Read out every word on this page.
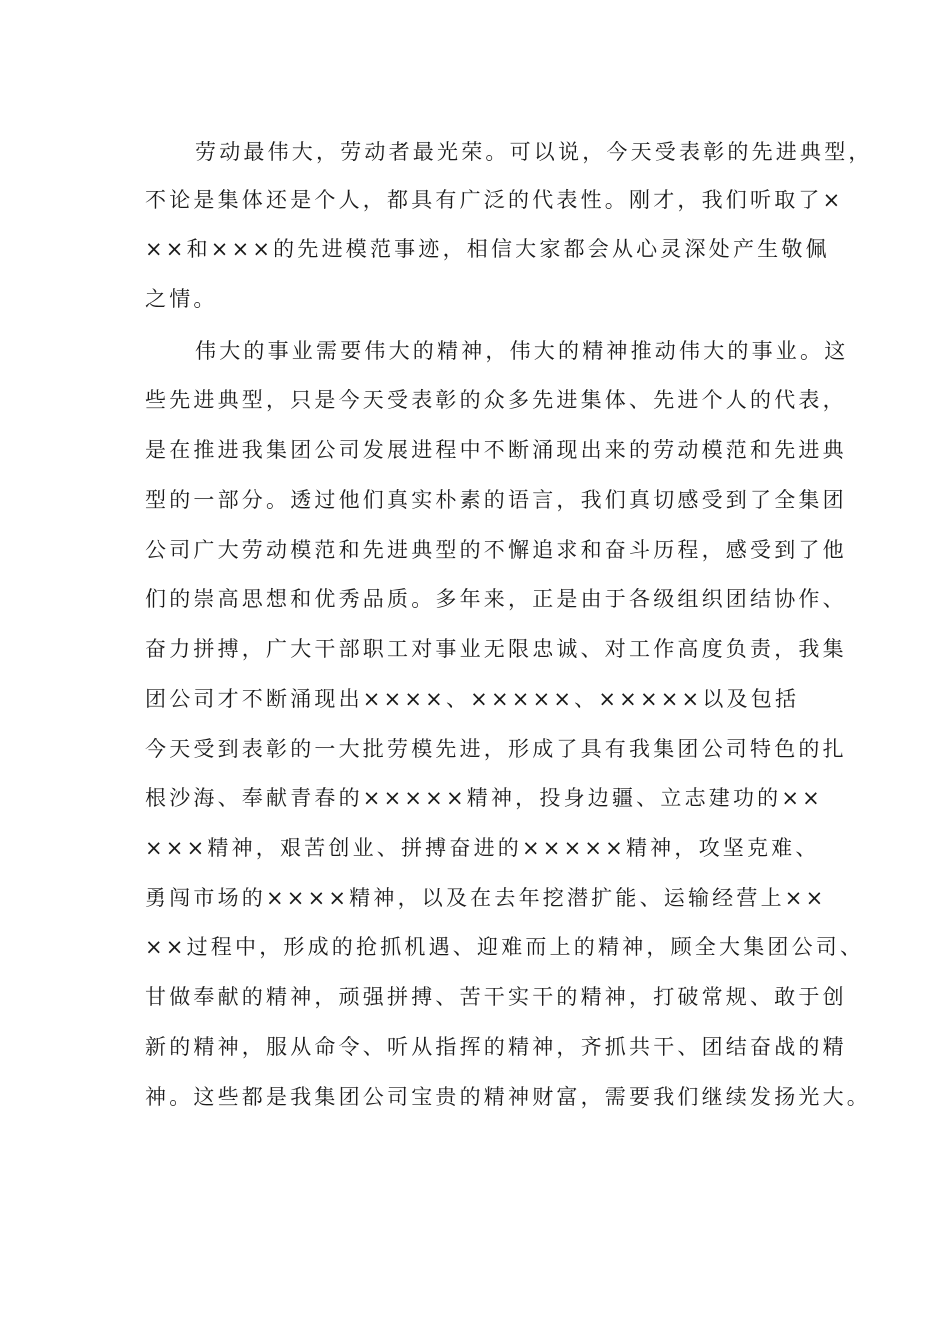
劳动最伟大，劳动者最光荣。可以说，今天受表彰的先进典型，

不论是集体还是个人，都具有广泛的代表性。刚才，我们听取了×

××和×××的先进模范事迹，相信大家都会从心灵深处产生敬佩

之情。

伟大的事业需要伟大的精神，伟大的精神推动伟大的事业。这

些先进典型，只是今天受表彰的众多先进集体、先进个人的代表，

是在推进我集团公司发展进程中不断涌现出来的劳动模范和先进典

型的一部分。透过他们真实朴素的语言，我们真切感受到了全集团

公司广大劳动模范和先进典型的不懈追求和奋斗历程，感受到了他

们的崇高思想和优秀品质。多年来，正是由于各级组织团结协作、

奋力拼搏，广大干部职工对事业无限忠诚、对工作高度负责，我集

团公司才不断涌现出××××、×××××、×××××以及包括

今天受到表彰的一大批劳模先进，形成了具有我集团公司特色的扎

根沙海、奉献青春的×××××精神，投身边疆、立志建功的××

×××精神，艰苦创业、拼搏奋进的×××××精神，攻坚克难、

勇闯市场的××××精神，以及在去年挖潜扩能、运输经营上××

××过程中，形成的抢抓机遇、迎难而上的精神，顾全大集团公司、

甘做奉献的精神，顽强拼搏、苦干实干的精神，打破常规、敢于创

新的精神，服从命令、听从指挥的精神，齐抓共干、团结奋战的精

神。这些都是我集团公司宝贵的精神财富，需要我们继续发扬光大。
